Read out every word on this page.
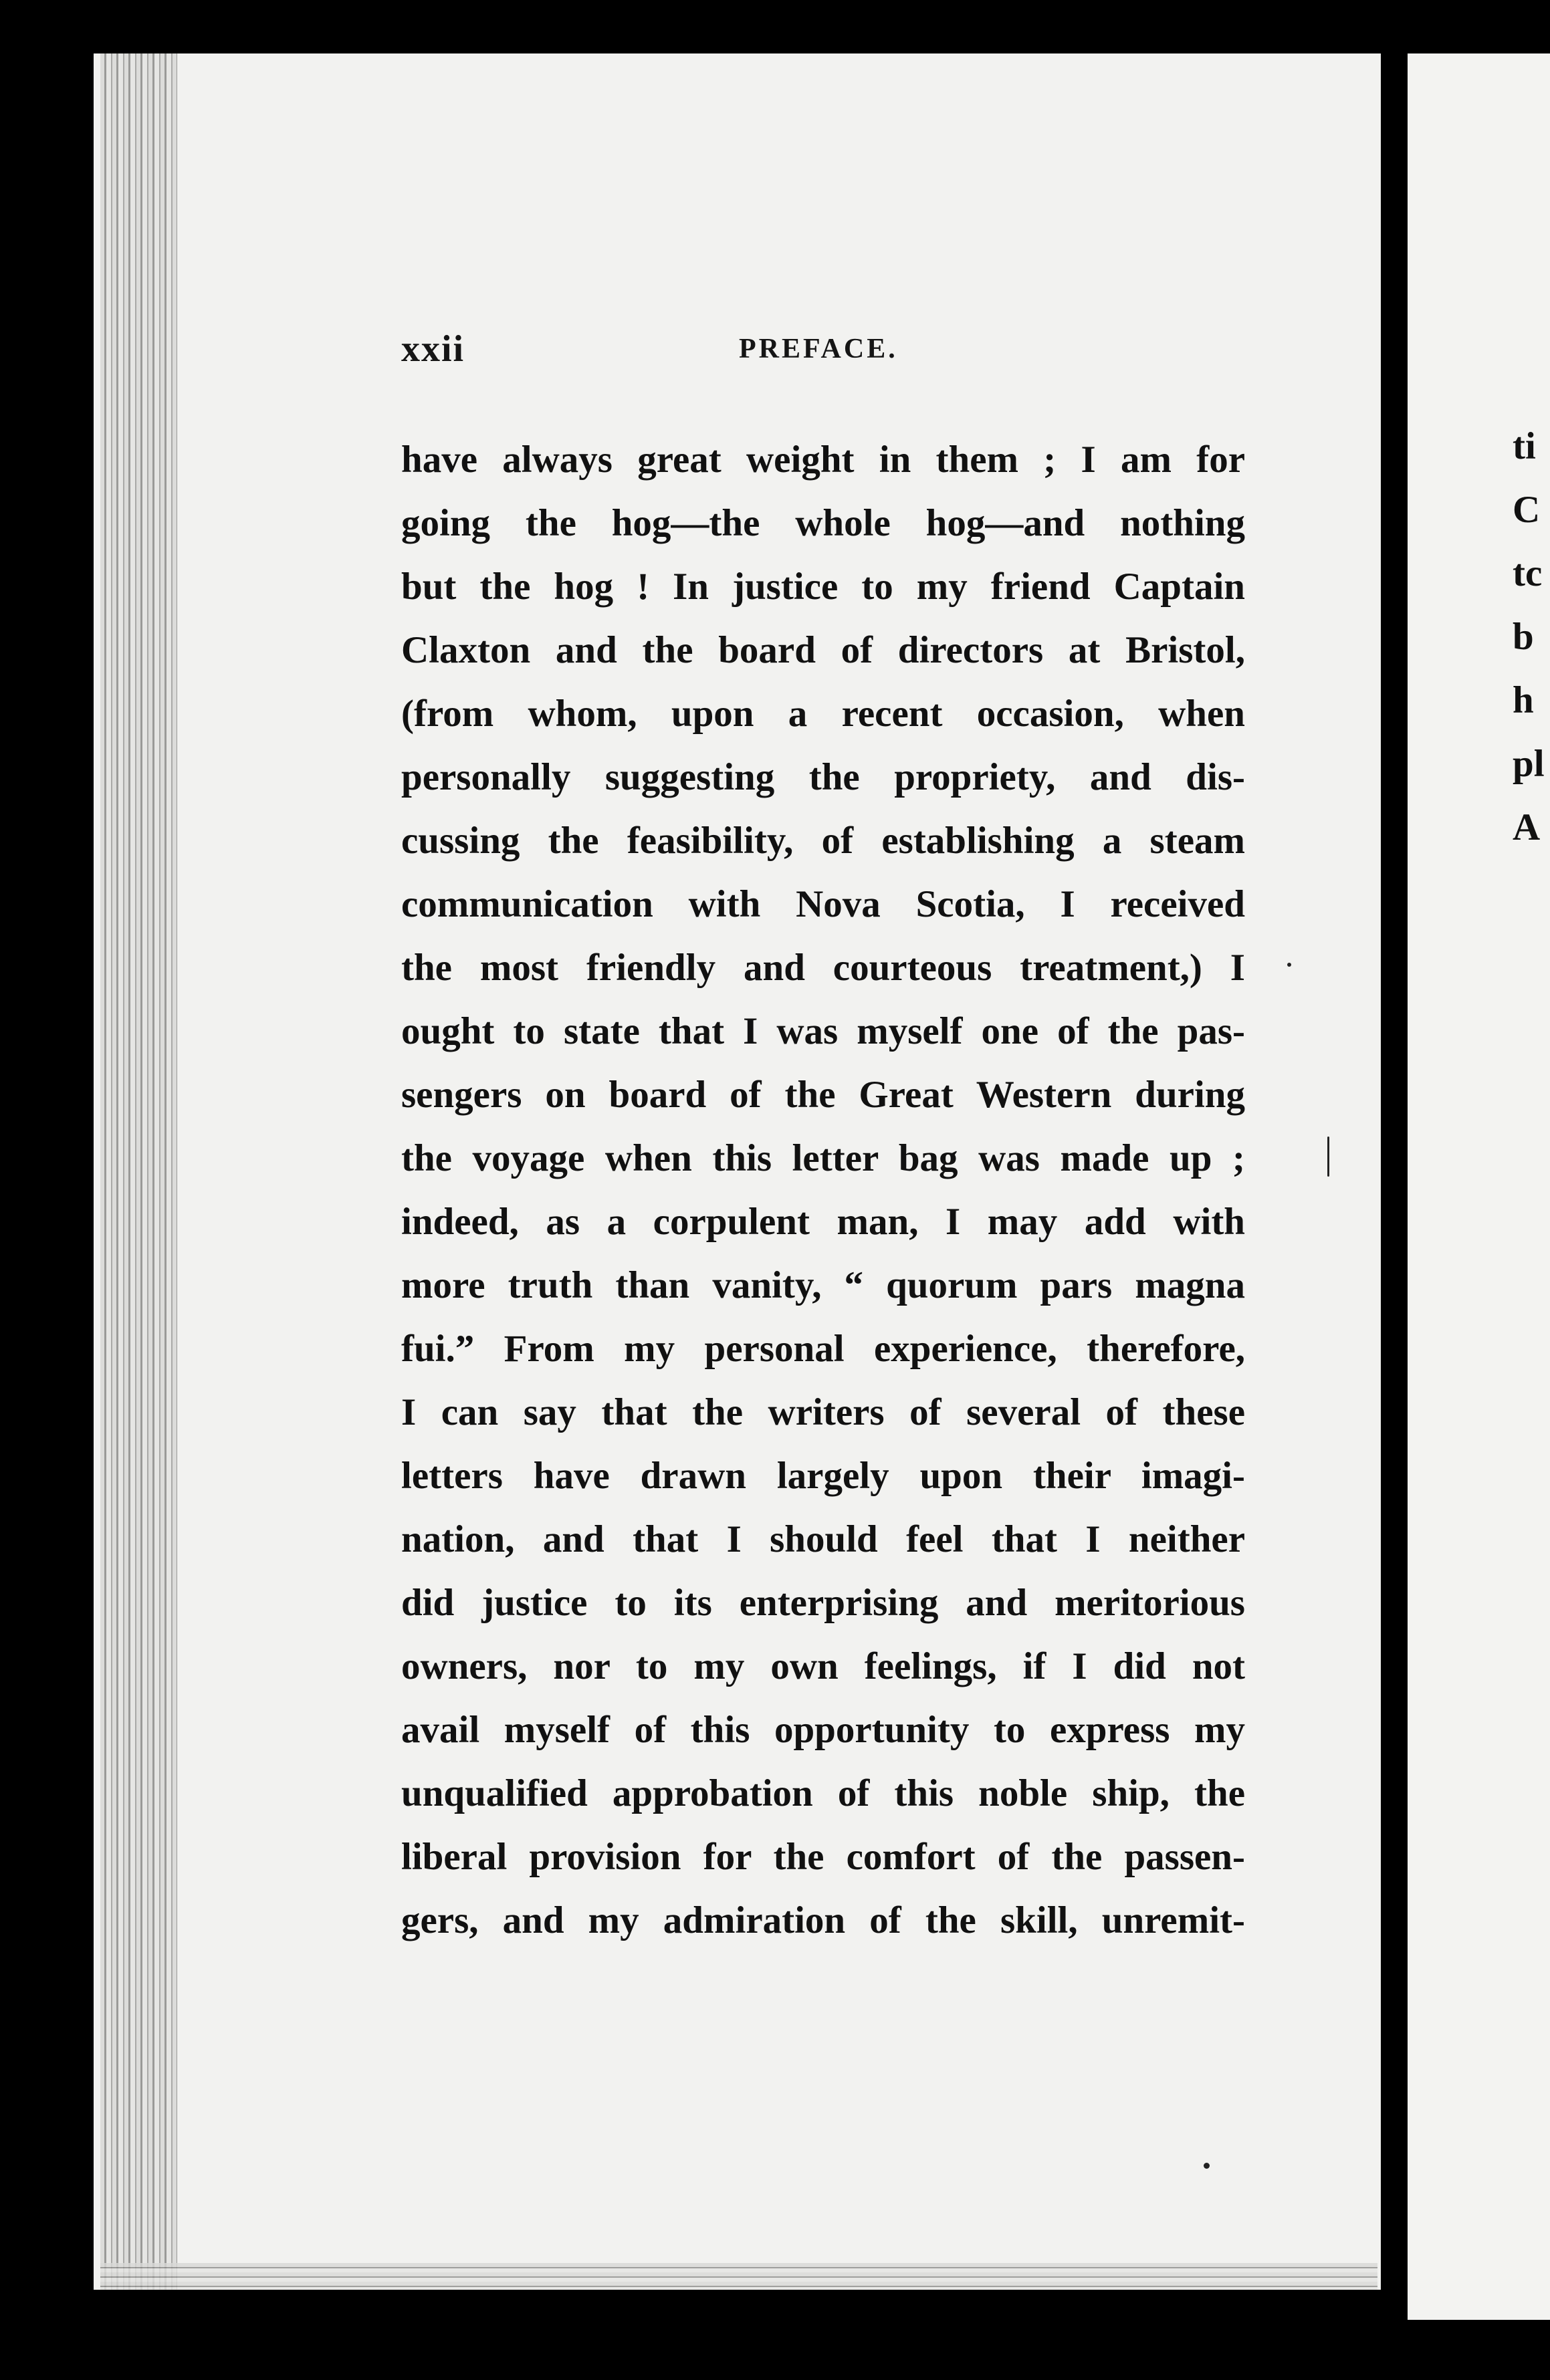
xxii	PREFACE.
have always great weight in them ; I am for
going the hog—the whole hog—and nothing
but the hog ! In justice to my friend Captain
Claxton and the board of directors at Bristol,
(from whom, upon a recent occasion, when
personally suggesting the propriety, and dis-
cussing the feasibility, of establishing a steam
communication with Nova Scotia, I received
the most friendly and courteous treatment,) I
ought to state that I was myself one of the pas-
sengers on board of the Great Western during
the voyage when this letter bag was made up ;
indeed, as a corpulent man, I may add with
more truth than vanity, “ quorum pars magna
fui.” From my personal experience, therefore,
I can say that the writers of several of these
letters have drawn largely upon their imagi-
nation, and that I should feel that I neither
did justice to its enterprising and meritorious
owners, nor to my own feelings, if I did not
avail myself of this opportunity to express my
unqualified approbation of this noble ship, the
liberal provision for the comfort of the passen-
gers, and my admiration of the skill, unremit-
ti
C
tc
b
h
pl
A
